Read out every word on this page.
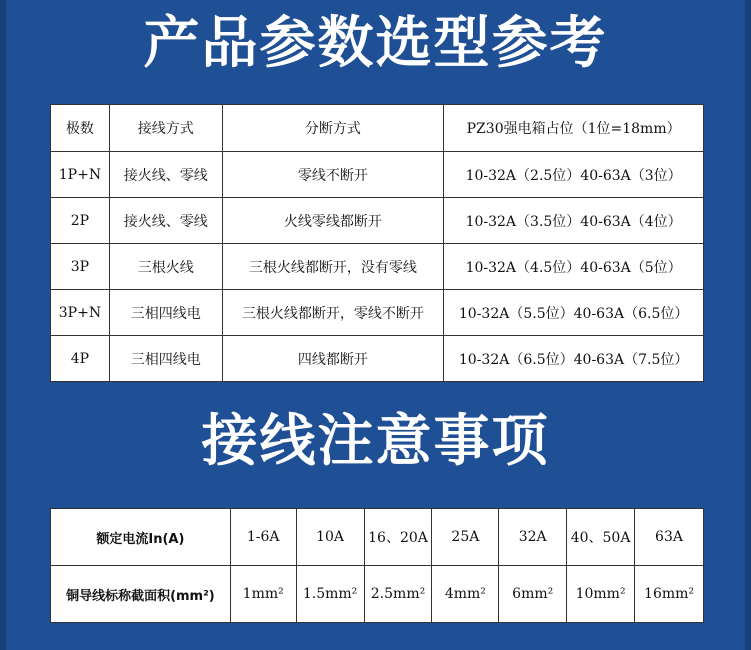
产品参数选型参考
极数	接线方式	分断方式	PZ30强电箱占位（1位=18mm）
1P+N	接火线、零线	零线不断开	10-32A（2.5位）40-63A（3位）
2P	接火线、零线	火线零线都断开	10-32A（3.5位）40-63A（4位）
3P	三根火线	三根火线都断开，没有零线	10-32A（4.5位）40-63A（5位）
3P+N	三相四线电	三根火线都断开，零线不断开	10-32A（5.5位）40-63A（6.5位）
4P	三相四线电	四线都断开	10-32A（6.5位）40-63A（7.5位）
接线注意事项
额定电流In(A)	1-6A	10A	16、20A	25A	32A	40、50A	63A
铜导线标称截面积(mm²)	1mm²	1.5mm²	2.5mm²	4mm²	6mm²	10mm²	16mm²
